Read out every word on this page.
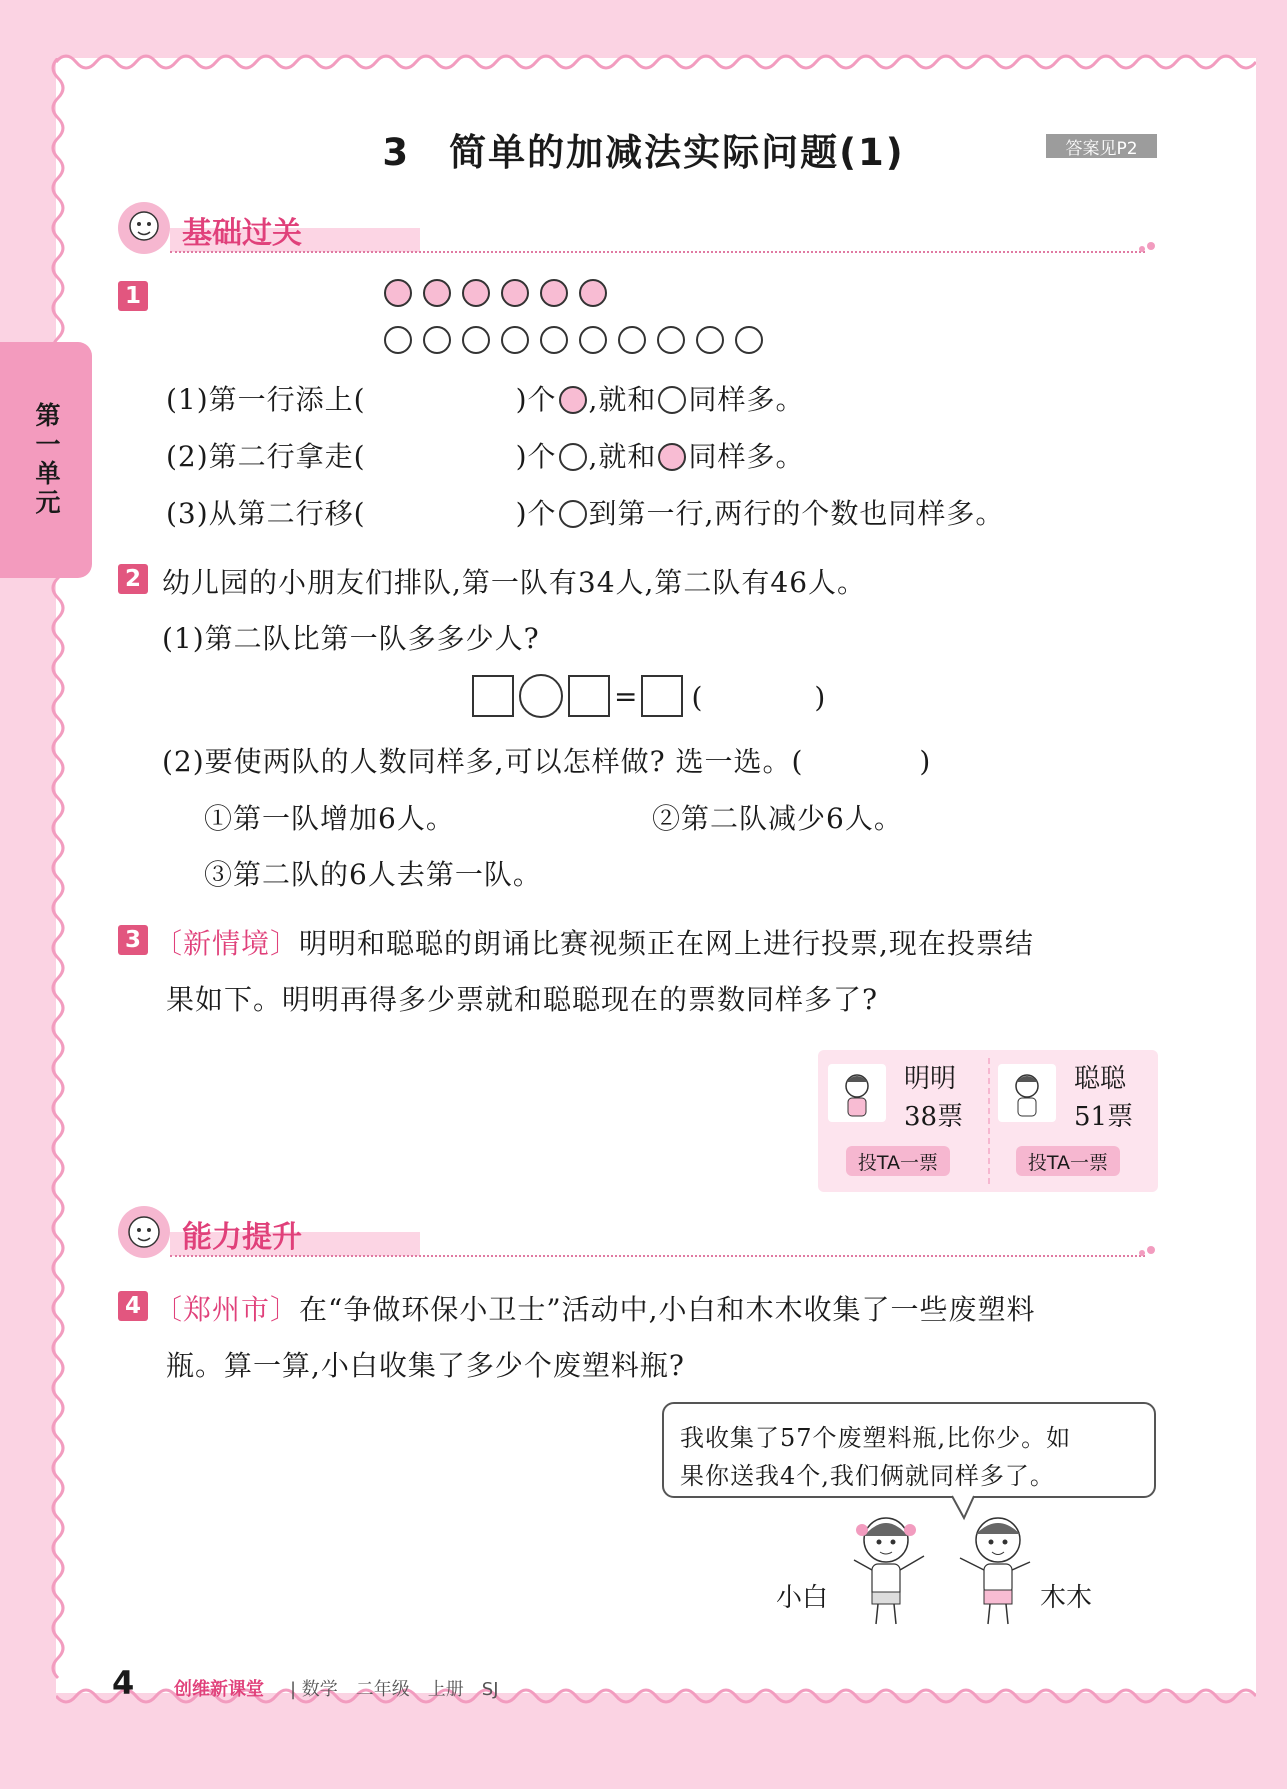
第一单元
3　简单的加减法实际问题(1)	答案见P2
基础过关
1
(1)第一行添上(	)个 ,就和 同样多。
(2)第二行拿走(	)个 ,就和 同样多。
(3)从第二行移(	)个 到第一行,两行的个数也同样多。
2 幼儿园的小朋友们排队,第一队有34人,第二队有46人。
(1)第二队比第一队多多少人?
= (　　　　)
(2)要使两队的人数同样多,可以怎样做? 选一选。(　　　　)
①第一队增加6人。	②第二队减少6人。
③第二队的6人去第一队。
3 〔新情境〕明明和聪聪的朗诵比赛视频正在网上进行投票,现在投票结
果如下。明明再得多少票就和聪聪现在的票数同样多了?
明明
38票
投TA一票
聪聪
51票
投TA一票
能力提升
4 〔郑州市〕在“争做环保小卫士”活动中,小白和木木收集了一些废塑料
瓶。算一算,小白收集了多少个废塑料瓶?
我收集了57个废塑料瓶,比你少。如
果你送我4个,我们俩就同样多了。
小白	木木
4 创维新课堂 | 数学　二年级　上册　SJ
